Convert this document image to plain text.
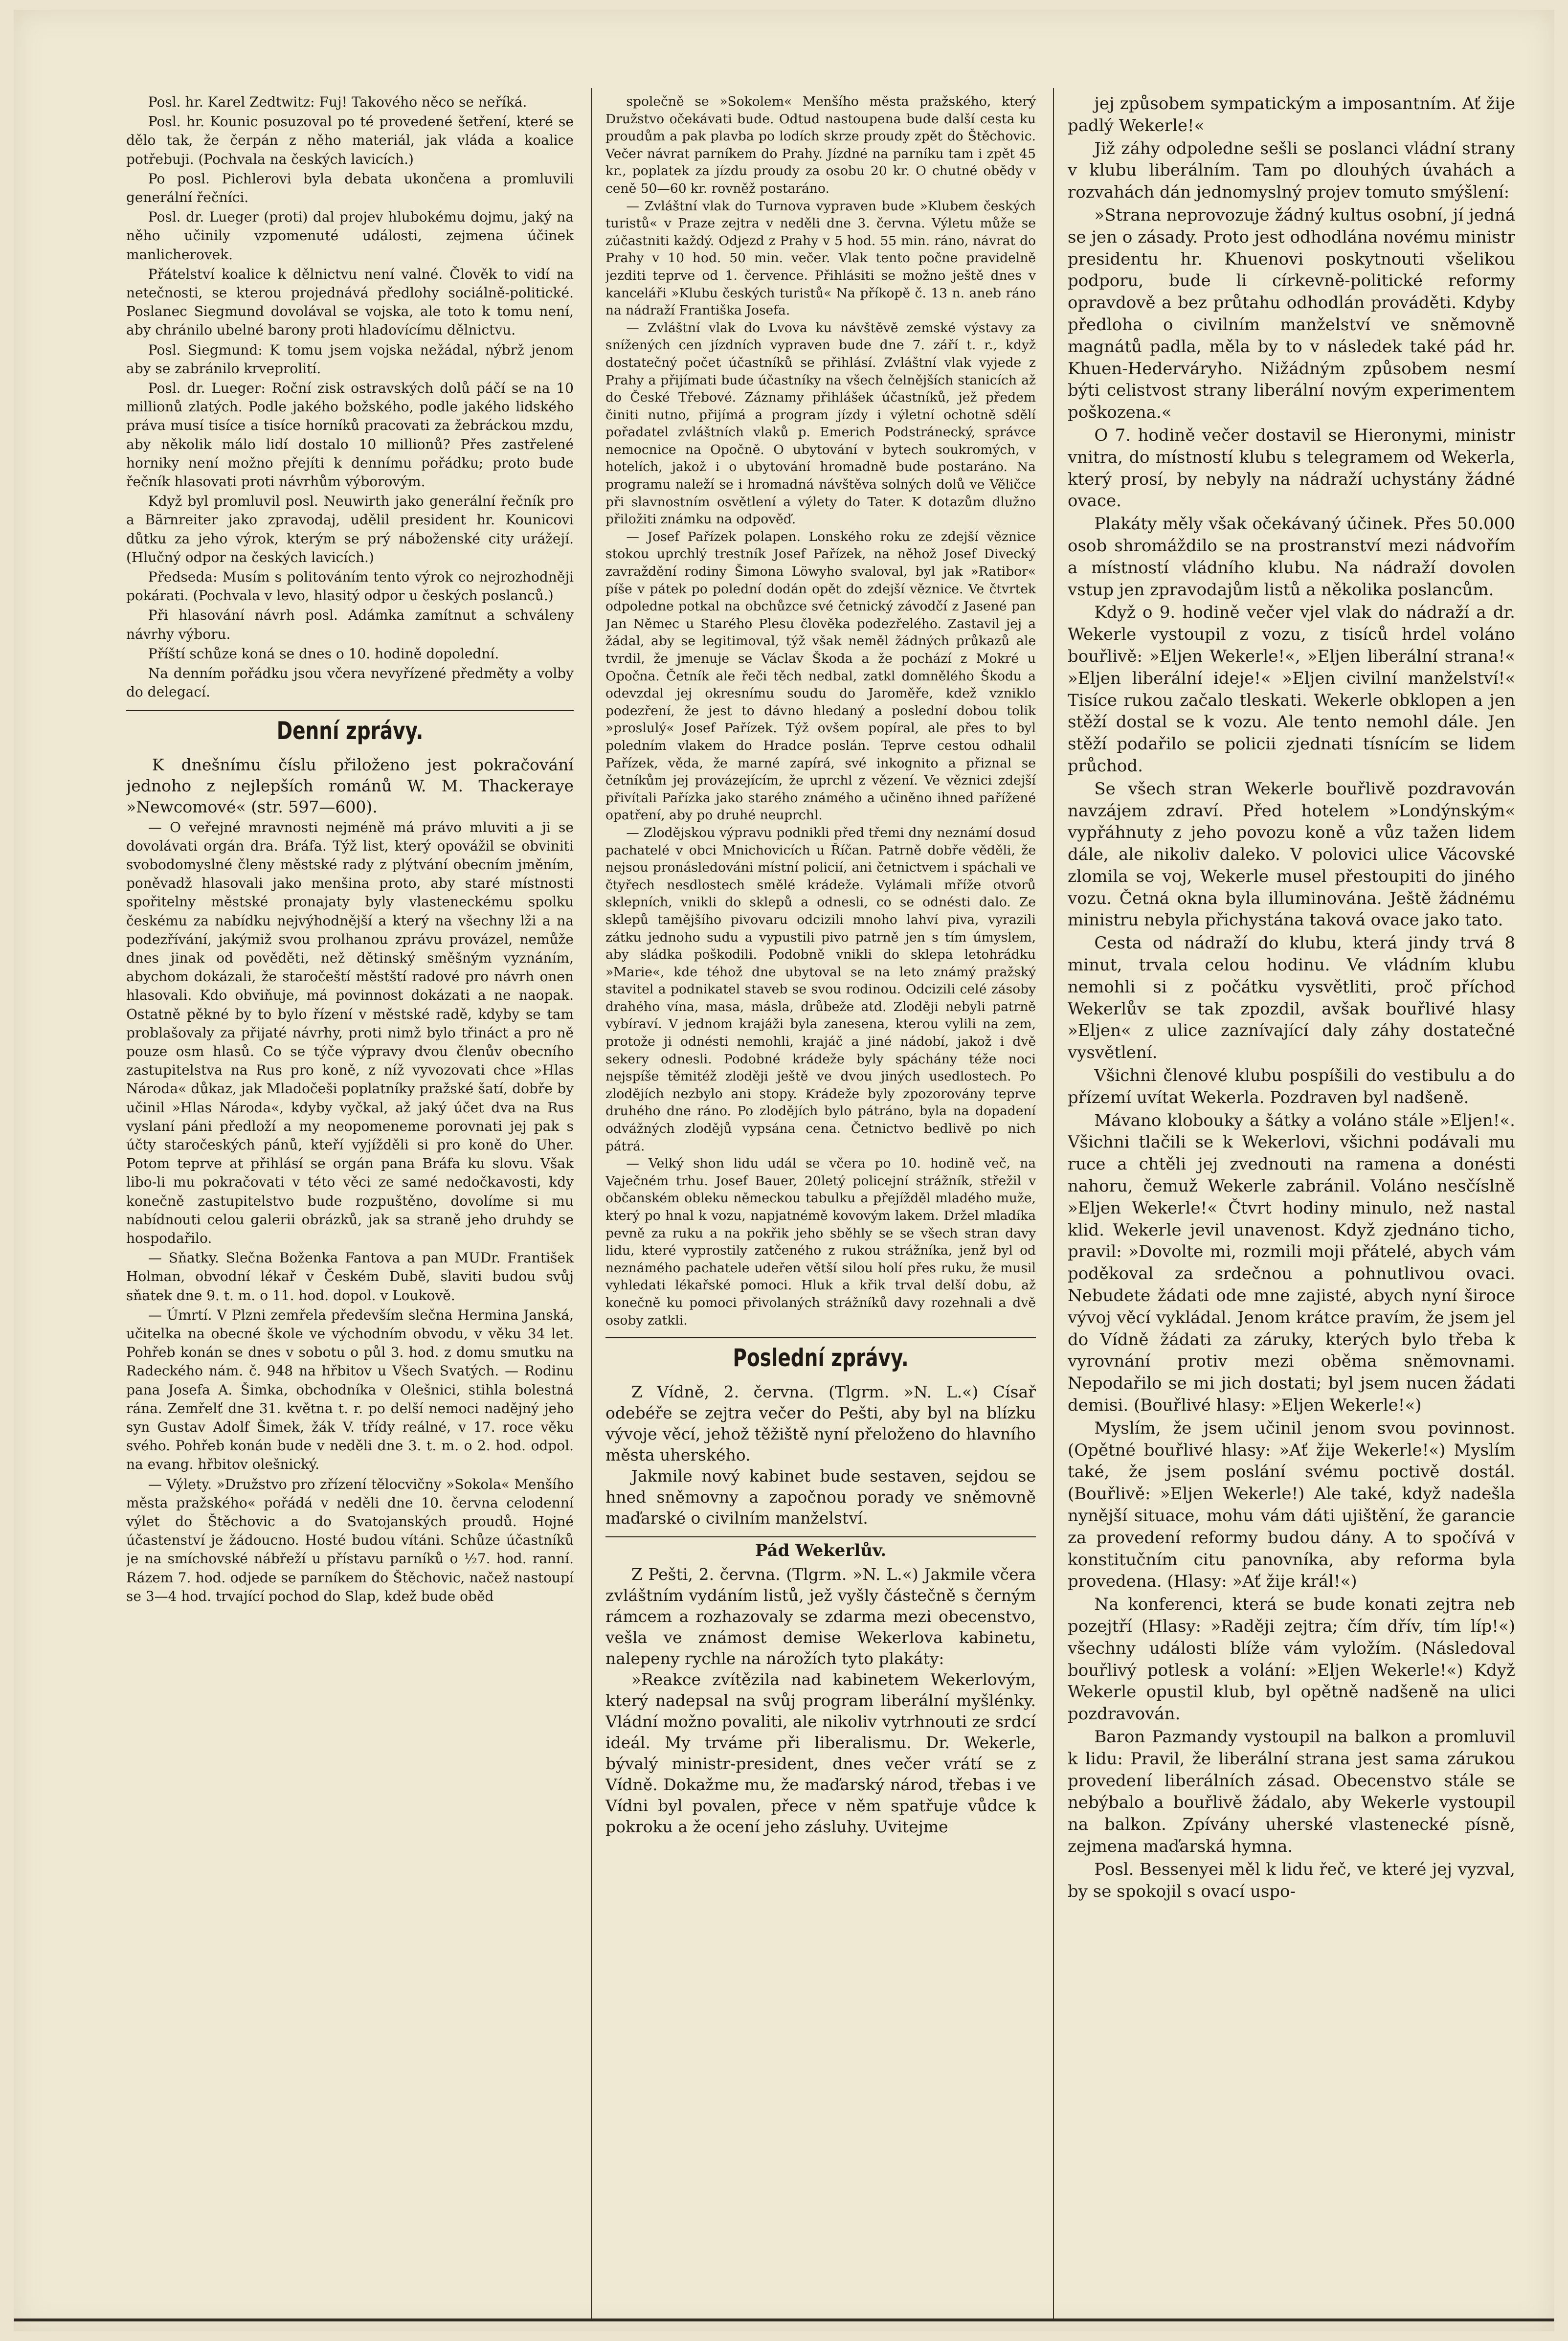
Posl. hr. Karel Zedtwitz: Fuj! Takového něco se neříká.

Posl. hr. Kounic posuzoval po té provedené šetření, které se dělo tak, že čerpán z něho materiál, jak vláda a koalice potřebuji. (Pochvala na českých lavicích.)

Po posl. Pichlerovi byla debata ukončena a promluvili generální řečníci.

Posl. dr. Lueger (proti) dal projev hlubokému dojmu, jaký na něho učinily vzpomenuté události, zejmena účinek manlicherovek.

Přátelství koalice k dělnictvu není valné. Člověk to vidí na netečnosti, se kterou projednává předlohy sociálně-politické. Poslanec Siegmund dovolával se vojska, ale toto k tomu není, aby chránilo ubelné barony proti hladovícímu dělnictvu.

Posl. Siegmund: K tomu jsem vojska nežádal, nýbrž jenom aby se zabránilo krveprolití.

Posl. dr. Lueger: Roční zisk ostravských dolů páčí se na 10 millionů zlatých. Podle jakého božského, podle jakého lidského práva musí tisíce a tisíce horníků pracovati za žebráckou mzdu, aby několik málo lidí dostalo 10 millionů? Přes zastřelené horniky není možno přejíti k dennímu pořádku; proto bude řečník hlasovati proti návrhům výborovým.

Když byl promluvil posl. Neuwirth jako generální řečník pro a Bärnreiter jako zpravodaj, udělil president hr. Kounicovi důtku za jeho výrok, kterým se prý náboženské city urážejí. (Hlučný odpor na českých lavicích.)

Předseda: Musím s politováním tento výrok co nejrozhodněji pokárati. (Pochvala v levo, hlasitý odpor u českých poslanců.)

Při hlasování návrh posl. Adámka zamítnut a schváleny návrhy výboru.

Příští schůze koná se dnes o 10. hodině dopolední.

Na denním pořádku jsou včera nevyřízené předměty a volby do delegací.

Denní zprávy.

K dnešnímu číslu přiloženo jest pokračování jednoho z nejlepších románů W. M. Thackeraye »Newcomové« (str. 597—600).

— O veřejné mravnosti nejméně má právo mluviti a ji se dovolávati orgán dra. Bráfa. Týž list, který opovážil se obviniti svobodomyslné členy městské rady z plýtvání obecním jměním, poněvadž hlasovali jako menšina proto, aby staré místnosti spořitelny městské pronajaty byly vlasteneckému spolku českému za nabídku nejvýhodnější a který na všechny lži a na podezřívání, jakýmiž svou prolhanou zprávu provázel, nemůže dnes jinak od pověděti, než dětinský směšným vyznáním, abychom dokázali, že staročeští městští radové pro návrh onen hlasovali. Kdo obviňuje, má povinnost dokázati a ne naopak. Ostatně pěkné by to bylo řízení v městské radě, kdyby se tam problašovaly za přijaté návrhy, proti nimž bylo třináct a pro ně pouze osm hlasů. Co se týče výpravy dvou členův obecního zastupitelstva na Rus pro koně, z níž vyvozovati chce »Hlas Národa« důkaz, jak Mladočeši poplatníky pražské šatí, dobře by učinil »Hlas Národa«, kdyby vyčkal, až jaký účet dva na Rus vyslaní páni předloží a my neopomeneme porovnati jej pak s účty staročeských pánů, kteří vyjížděli si pro koně do Uher. Potom teprve at přihlásí se orgán pana Bráfa ku slovu. Však libo-li mu pokračovati v této věci ze samé nedočkavosti, kdy konečně zastupitelstvo bude rozpuštěno, dovolíme si mu nabídnouti celou galerii obrázků, jak sa straně jeho druhdy se hospodařilo.

— Sňatky. Slečna Boženka Fantova a pan MUDr. František Holman, obvodní lékař v Českém Dubě, slaviti budou svůj sňatek dne 9. t. m. o 11. hod. dopol. v Loukově.

— Úmrtí. V Plzni zemřela především slečna Hermina Janská, učitelka na obecné škole ve východním obvodu, v věku 34 let. Pohřeb konán se dnes v sobotu o půl 3. hod. z domu smutku na Radeckého nám. č. 948 na hřbitov u Všech Svatých. — Rodinu pana Josefa A. Šimka, obchodníka v Olešnici, stihla bolestná rána. Zemřelť dne 31. května t. r. po delší nemoci nadějný jeho syn Gustav Adolf Šimek, žák V. třídy reálné, v 17. roce věku svého. Pohřeb konán bude v neděli dne 3. t. m. o 2. hod. odpol. na evang. hřbitov olešnický.

— Výlety. »Družstvo pro zřízení tělocvičny »Sokola« Menšího města pražského« pořádá v neděli dne 10. června celodenní výlet do Štěchovic a do Svatojanských proudů. Hojné účastenství je žádoucno. Hosté budou vítáni. Schůze účastníků je na smíchovské nábřeží u přístavu parníků o ½7. hod. ranní. Rázem 7. hod. odjede se parníkem do Štěchovic, načež nastoupí se 3—4 hod. trvající pochod do Slap, kdež bude oběd

společně se »Sokolem« Menšího města pražského, který Družstvo očekávati bude. Odtud nastoupena bude další cesta ku proudům a pak plavba po lodích skrze proudy zpět do Štěchovic. Večer návrat parníkem do Prahy. Jízdné na parníku tam i zpět 45 kr., poplatek za jízdu proudy za osobu 20 kr. O chutné obědy v ceně 50—60 kr. rovněž postaráno.

— Zvláštní vlak do Turnova vypraven bude »Klubem českých turistů« v Praze zejtra v neděli dne 3. června. Výletu může se zúčastniti každý. Odjezd z Prahy v 5 hod. 55 min. ráno, návrat do Prahy v 10 hod. 50 min. večer. Vlak tento počne pravidelně jezditi teprve od 1. července. Přihlásiti se možno ještě dnes v kanceláři »Klubu českých turistů« Na příkopě č. 13 n. aneb ráno na nádraží Františka Josefa.

— Zvláštní vlak do Lvova ku návštěvě zemské výstavy za snížených cen jízdních vypraven bude dne 7. září t. r., když dostatečný počet účastníků se přihlásí. Zvláštní vlak vyjede z Prahy a přijímati bude účastníky na všech čelnějších stanicích až do České Třebové. Záznamy přihlášek účastníků, jež předem činiti nutno, přijímá a program jízdy i výletní ochotně sdělí pořadatel zvláštních vlaků p. Emerich Podstránecký, správce nemocnice na Opočně. O ubytování v bytech soukromých, v hotelích, jakož i o ubytování hromadně bude postaráno. Na programu naleží se i hromadná návštěva solných dolů ve Věličce při slavnostním osvětlení a výlety do Tater. K dotazům dlužno přiložiti známku na odpověď.

— Josef Pařízek polapen. Lonského roku ze zdejší věznice stokou uprchlý trestník Josef Pařízek, na něhož Josef Divecký zavraždění rodiny Šimona Löwyho svaloval, byl jak »Ratibor« píše v pátek po polední dodán opět do zdejší věznice. Ve čtvrtek odpoledne potkal na obchůzce své četnický závodčí z Jasené pan Jan Němec u Starého Plesu člověka podezřelého. Zastavil jej a žádal, aby se legitimoval, týž však neměl žádných průkazů ale tvrdil, že jmenuje se Václav Škoda a že pochází z Mokré u Opočna. Četník ale řeči těch nedbal, zatkl domnělého Škodu a odevzdal jej okresnímu soudu do Jaroměře, kdež vzniklo podezření, že jest to dávno hledaný a poslední dobou tolik »proslulý« Josef Pařízek. Týž ovšem popíral, ale přes to byl poledním vlakem do Hradce poslán. Teprve cestou odhalil Pařízek, věda, že marné zapírá, své inkognito a přiznal se četníkům jej provázejícím, že uprchl z vězení. Ve věznici zdejší přivítali Pařízka jako starého známého a učiněno ihned pařížené opatření, aby po druhé neuprchl.

— Zlodějskou výpravu podnikli před třemi dny neznámí dosud pachatelé v obci Mnichovicích u Říčan. Patrně dobře věděli, že nejsou pronásledováni místní policií, ani četnictvem i spáchali ve čtyřech nesdlostech smělé krádeže. Vylámali mříže otvorů sklepních, vnikli do sklepů a odnesli, co se odnésti dalo. Ze sklepů tamějšího pivovaru odcizili mnoho lahví piva, vyrazili zátku jednoho sudu a vypustili pivo patrně jen s tím úmyslem, aby sládka poškodili. Podobně vnikli do sklepa letohrádku »Marie«, kde téhož dne ubytoval se na leto známý pražský stavitel a podnikatel staveb se svou rodinou. Odcizili celé zásoby drahého vína, masa, másla, drůbeže atd. Zloději nebyli patrně vybíraví. V jednom krajáži byla zanesena, kterou vylili na zem, protože ji odnésti nemohli, krajáč a jiné nádobí, jakož i dvě sekery odnesli. Podobné krádeže byly spáchány téže noci nejspíše těmitéž zloději ještě ve dvou jiných usedlostech. Po zlodějích nezbylo ani stopy. Krádeže byly zpozorovány teprve druhého dne ráno. Po zlodějích bylo pátráno, byla na dopadení odvážných zlodějů vypsána cena. Četnictvo bedlivě po nich pátrá.

— Velký shon lidu udál se včera po 10. hodině več, na Vaječném trhu. Josef Bauer, 20letý policejní strážník, střežil v občanském obleku německou tabulku a přejížděl mladého muže, který po hnal k vozu, napjatnémě kovovým lakem. Držel mladíka pevně za ruku a na pokřik jeho sběhly se se všech stran davy lidu, které vyprostily zatčeného z rukou strážníka, jenž byl od neznámého pachatele udeřen větší silou holí přes ruku, že musil vyhledati lékařské pomoci. Hluk a křik trval delší dobu, až konečně ku pomoci přivolaných strážníků davy rozehnali a dvě osoby zatkli.

Poslední zprávy.

Z Vídně, 2. června. (Tlgrm. »N. L.«) Císař odebéře se zejtra večer do Pešti, aby byl na blízku vývoje věcí, jehož těžiště nyní přeloženo do hlavního města uherského.

Jakmile nový kabinet bude sestaven, sejdou se hned sněmovny a započnou porady ve sněmovně maďarské o civilním manželství.

Pád Wekerlův.

Z Pešti, 2. června. (Tlgrm. »N. L.«) Jakmile včera zvláštním vydáním listů, jež vyšly částečně s černým rámcem a rozhazovaly se zdarma mezi obecenstvo, vešla ve známost demise Wekerlova kabinetu, nalepeny rychle na nárožích tyto plakáty:

»Reakce zvítězila nad kabinetem Wekerlovým, který nadepsal na svůj program liberální myšlénky. Vládní možno povaliti, ale nikoliv vytrhnouti ze srdcí ideál. My trváme při liberalismu. Dr. Wekerle, bývalý ministr-president, dnes večer vrátí se z Vídně. Dokažme mu, že maďarský národ, třebas i ve Vídni byl povalen, přece v něm spatřuje vůdce k pokroku a že ocení jeho zásluhy. Uvitejme

jej způsobem sympatickým a imposantním. Ať žije padlý Wekerle!«

Již záhy odpoledne sešli se poslanci vládní strany v klubu liberálním. Tam po dlouhých úvahách a rozvahách dán jednomyslný projev tomuto smýšlení:

»Strana neprovozuje žádný kultus osobní, jí jedná se jen o zásady. Proto jest odhodlána novému ministr presidentu hr. Khuenovi poskytnouti všelikou podporu, bude li církevně-politické reformy opravdově a bez průtahu odhodlán prováděti. Kdyby předloha o civilním manželství ve sněmovně magnátů padla, měla by to v následek také pád hr. Khuen-Hederváryho. Nižádným způsobem nesmí býti celistvost strany liberální novým experimentem poškozena.«

O 7. hodině večer dostavil se Hieronymi, ministr vnitra, do místností klubu s telegramem od Wekerla, který prosí, by nebyly na nádraží uchystány žádné ovace.

Plakáty měly však očekávaný účinek. Přes 50.000 osob shromáždilo se na prostranství mezi nádvořím a místností vládního klubu. Na nádraží dovolen vstup jen zpravodajům listů a několika poslancům.

Když o 9. hodině večer vjel vlak do nádraží a dr. Wekerle vystoupil z vozu, z tisíců hrdel voláno bouřlivě: »Eljen Wekerle!«, »Eljen liberální strana!« »Eljen liberální ideje!« »Eljen civilní manželství!« Tisíce rukou začalo tleskati. Wekerle obklopen a jen stěží dostal se k vozu. Ale tento nemohl dále. Jen stěží podařilo se policii zjednati tísnícím se lidem průchod.

Se všech stran Wekerle bouřlivě pozdravován navzájem zdraví. Před hotelem »Londýnským« vypřáhnuty z jeho povozu koně a vůz tažen lidem dále, ale nikoliv daleko. V polovici ulice Vácovské zlomila se voj, Wekerle musel přestoupiti do jiného vozu. Četná okna byla illuminována. Ještě žádnému ministru nebyla přichystána taková ovace jako tato.

Cesta od nádraží do klubu, která jindy trvá 8 minut, trvala celou hodinu. Ve vládním klubu nemohli si z počátku vysvětliti, proč příchod Wekerlův se tak zpozdil, avšak bouřlivé hlasy »Eljen« z ulice zaznívající daly záhy dostatečné vysvětlení.

Všichni členové klubu pospíšili do vestibulu a do přízemí uvítat Wekerla. Pozdraven byl nadšeně.

Mávano klobouky a šátky a voláno stále »Eljen!«. Všichni tlačili se k Wekerlovi, všichni podávali mu ruce a chtěli jej zvednouti na ramena a donésti nahoru, čemuž Wekerle zabránil. Voláno nesčíslně »Eljen Wekerle!« Čtvrt hodiny minulo, než nastal klid. Wekerle jevil unavenost. Když zjednáno ticho, pravil: »Dovolte mi, rozmili moji přátelé, abych vám poděkoval za srdečnou a pohnutlivou ovaci. Nebudete žádati ode mne zajisté, abych nyní široce vývoj věcí vykládal. Jenom krátce pravím, že jsem jel do Vídně žádati za záruky, kterých bylo třeba k vyrovnání protiv mezi oběma sněmovnami. Nepodařilo se mi jich dostati; byl jsem nucen žádati demisi. (Bouřlivé hlasy: »Eljen Wekerle!«)

Myslím, že jsem učinil jenom svou povinnost. (Opětné bouřlivé hlasy: »Ať žije Wekerle!«) Myslím také, že jsem poslání svému poctivě dostál. (Bouřlivě: »Eljen Wekerle!) Ale také, když nadešla nynější situace, mohu vám dáti ujištění, že garancie za provedení reformy budou dány. A to spočívá v konstitučním citu panovníka, aby reforma byla provedena. (Hlasy: »Ať žije král!«)

Na konferenci, která se bude konati zejtra neb pozejtří (Hlasy: »Raději zejtra; čím dřív, tím líp!«) všechny události blíže vám vyložím. (Následoval bouřlivý potlesk a volání: »Eljen Wekerle!«) Když Wekerle opustil klub, byl opětně nadšeně na ulici pozdravován.

Baron Pazmandy vystoupil na balkon a promluvil k lidu: Pravil, že liberální strana jest sama zárukou provedení liberálních zásad. Obecenstvo stále se nebýbalo a bouřlivě žádalo, aby Wekerle vystoupil na balkon. Zpívány uherské vlastenecké písně, zejmena maďarská hymna.

Posl. Bessenyei měl k lidu řeč, ve které jej vyzval, by se spokojil s ovací uspo-
